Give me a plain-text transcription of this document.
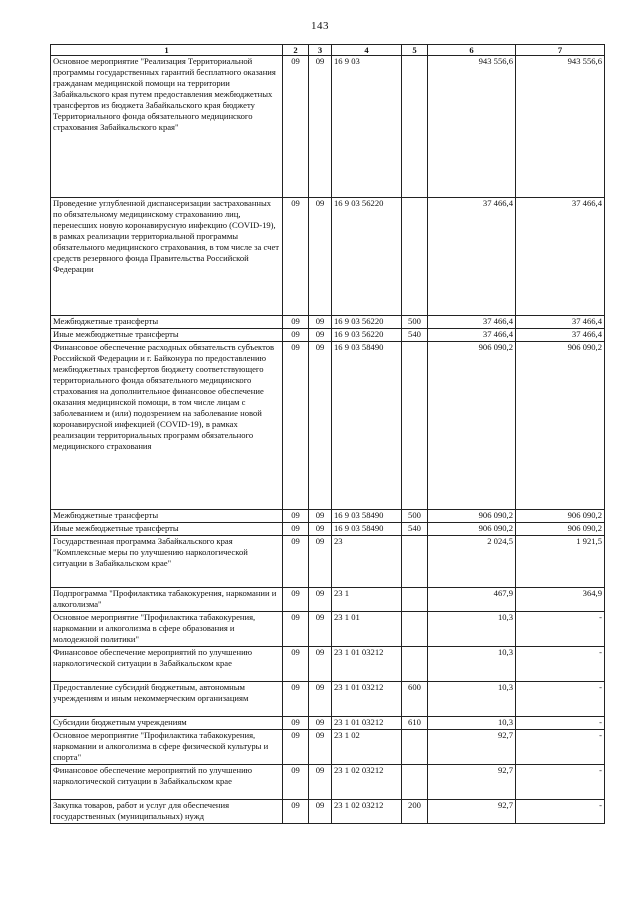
143
1	2	3	4	5	6	7
Основное мероприятие "Реализация Территориальной программы государственных гарантий бесплатного оказания гражданам медицинской помощи на территории Забайкальского края путем предоставления межбюджетных трансфертов из бюджета Забайкальского края бюджету Территориального фонда обязательного медицинского страхования Забайкальского края"	09	09	16 9 03		943 556,6	943 556,6
Проведение углубленной диспансеризации застрахованных по обязательному медицинскому страхованию лиц, перенесших новую коронавирусную инфекцию (COVID-19), в рамках реализации территориальной программы обязательного медицинского страхования, в том числе за счет средств резервного фонда Правительства Российской Федерации	09	09	16 9 03 56220		37 466,4	37 466,4
Межбюджетные трансферты	09	09	16 9 03 56220	500	37 466,4	37 466,4
Иные межбюджетные трансферты	09	09	16 9 03 56220	540	37 466,4	37 466,4
Финансовое обеспечение расходных обязательств субъектов Российской Федерации и г. Байконура по предоставлению межбюджетных трансфертов бюджету соответствующего территориального фонда обязательного медицинского страхования на дополнительное финансовое обеспечение оказания медицинской помощи, в том числе лицам с заболеванием и (или) подозрением на заболевание новой коронавирусной инфекцией (COVID-19), в рамках реализации территориальных программ обязательного медицинского страхования	09	09	16 9 03 58490		906 090,2	906 090,2
Межбюджетные трансферты	09	09	16 9 03 58490	500	906 090,2	906 090,2
Иные межбюджетные трансферты	09	09	16 9 03 58490	540	906 090,2	906 090,2
Государственная программа Забайкальского края "Комплексные меры по улучшению наркологической ситуации в Забайкальском крае"	09	09	23		2 024,5	1 921,5
Подпрограмма "Профилактика табакокурения, наркомании и алкоголизма"	09	09	23 1		467,9	364,9
Основное мероприятие "Профилактика табакокурения, наркомании и алкоголизма в сфере образования и молодежной политики"	09	09	23 1 01		10,3	-
Финансовое обеспечение мероприятий по улучшению наркологической ситуации в Забайкальском крае	09	09	23 1 01 03212		10,3	-
Предоставление субсидий бюджетным, автономным учреждениям и иным некоммерческим организациям	09	09	23 1 01 03212	600	10,3	-
Субсидии бюджетным учреждениям	09	09	23 1 01 03212	610	10,3	-
Основное мероприятие "Профилактика табакокурения, наркомании и алкоголизма в сфере физической культуры и спорта"	09	09	23 1 02		92,7	-
Финансовое обеспечение мероприятий по улучшению наркологической ситуации в Забайкальском крае	09	09	23 1 02 03212		92,7	-
Закупка товаров, работ и услуг для обеспечения государственных (муниципальных) нужд	09	09	23 1 02 03212	200	92,7	-
